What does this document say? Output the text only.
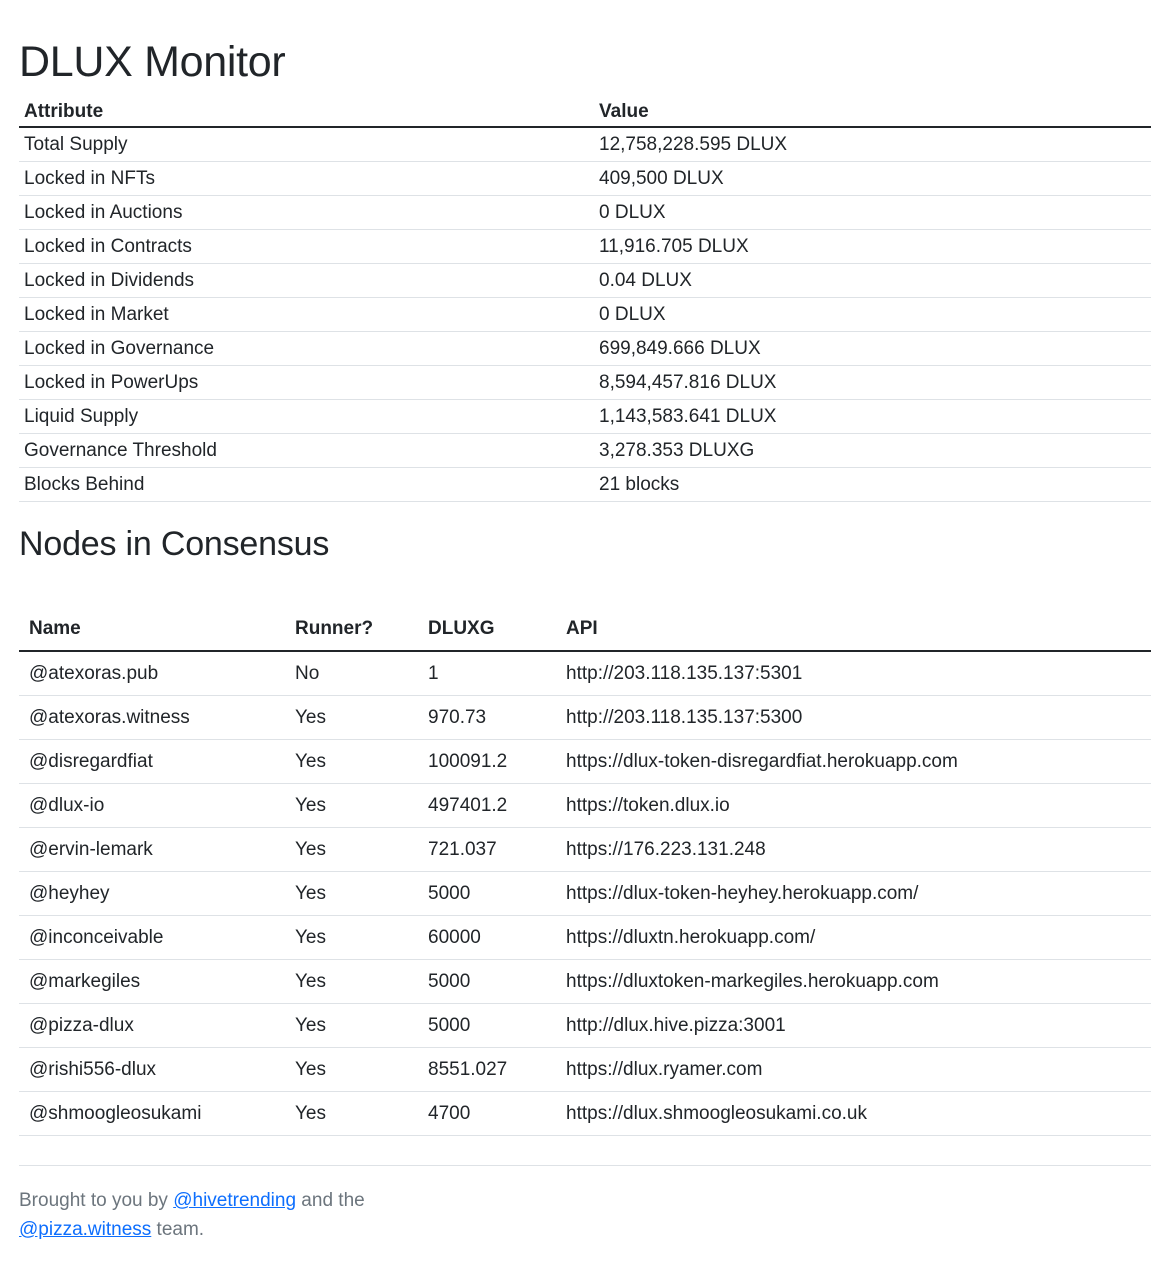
DLUX Monitor
Attribute	Value
Total Supply	12,758,228.595 DLUX
Locked in NFTs	409,500 DLUX
Locked in Auctions	0 DLUX
Locked in Contracts	11,916.705 DLUX
Locked in Dividends	0.04 DLUX
Locked in Market	0 DLUX
Locked in Governance	699,849.666 DLUX
Locked in PowerUps	8,594,457.816 DLUX
Liquid Supply	1,143,583.641 DLUX
Governance Threshold	3,278.353 DLUXG
Blocks Behind	21 blocks
Nodes in Consensus
Name	Runner?	DLUXG	API
@atexoras.pub	No	1	http://203.118.135.137:5301
@atexoras.witness	Yes	970.73	http://203.118.135.137:5300
@disregardfiat	Yes	100091.2	https://dlux-token-disregardfiat.herokuapp.com
@dlux-io	Yes	497401.2	https://token.dlux.io
@ervin-lemark	Yes	721.037	https://176.223.131.248
@heyhey	Yes	5000	https://dlux-token-heyhey.herokuapp.com/
@inconceivable	Yes	60000	https://dluxtn.herokuapp.com/
@markegiles	Yes	5000	https://dluxtoken-markegiles.herokuapp.com
@pizza-dlux	Yes	5000	http://dlux.hive.pizza:3001
@rishi556-dlux	Yes	8551.027	https://dlux.ryamer.com
@shmoogleosukami	Yes	4700	https://dlux.shmoogleosukami.co.uk
Brought to you by @hivetrending and the @pizza.witness team.
